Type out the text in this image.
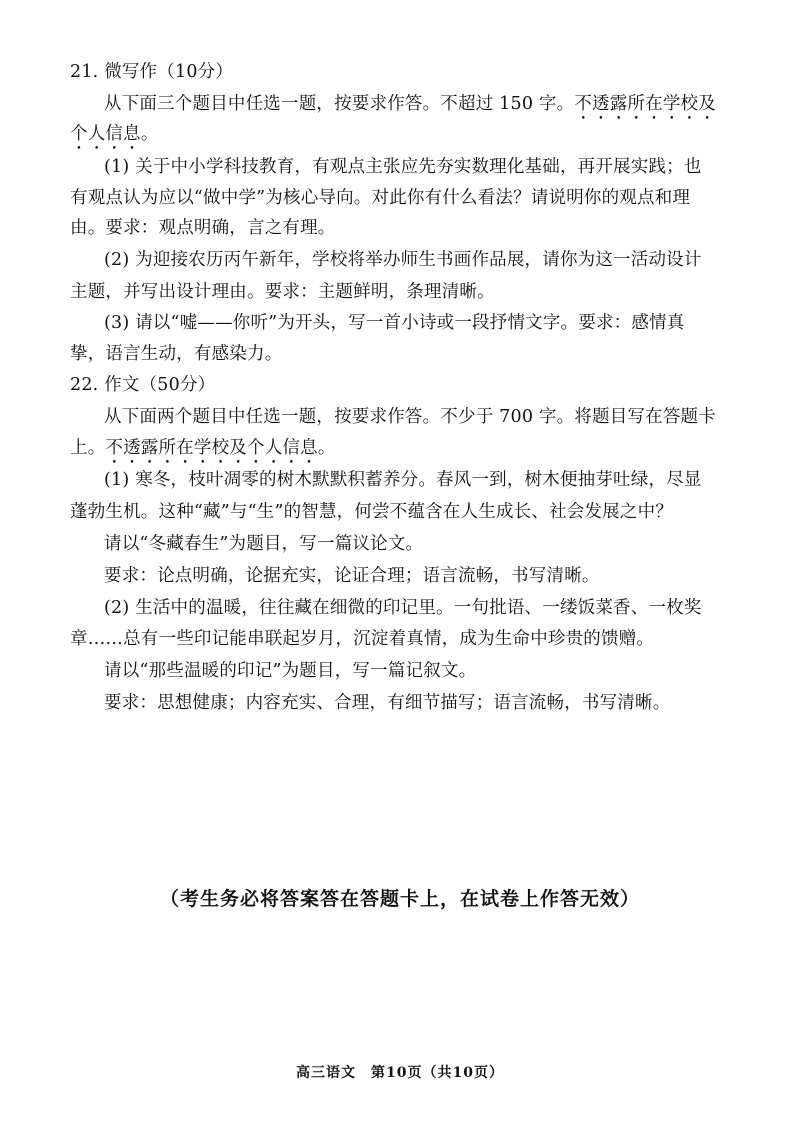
21. 微写作（10分）
从下面三个题目中任选一题，按要求作答。不超过 150 字。不透露所在学校及
个人信息。
(1) 关于中小学科技教育，有观点主张应先夯实数理化基础，再开展实践；也
有观点认为应以“做中学”为核心导向。对此你有什么看法？请说明你的观点和理
由。要求：观点明确，言之有理。
(2) 为迎接农历丙午新年，学校将举办师生书画作品展，请你为这一活动设计
主题，并写出设计理由。要求：主题鲜明，条理清晰。
(3) 请以“嘘——你听”为开头，写一首小诗或一段抒情文字。要求：感情真
挚，语言生动，有感染力。
22. 作文（50分）
从下面两个题目中任选一题，按要求作答。不少于 700 字。将题目写在答题卡
上。不透露所在学校及个人信息。
(1) 寒冬，枝叶凋零的树木默默积蓄养分。春风一到，树木便抽芽吐绿，尽显
蓬勃生机。这种“藏”与“生”的智慧，何尝不蕴含在人生成长、社会发展之中？
请以“冬藏春生”为题目，写一篇议论文。
要求：论点明确，论据充实，论证合理；语言流畅，书写清晰。
(2) 生活中的温暖，往往藏在细微的印记里。一句批语、一缕饭菜香、一枚奖
章……总有一些印记能串联起岁月，沉淀着真情，成为生命中珍贵的馈赠。
请以“那些温暖的印记”为题目，写一篇记叙文。
要求：思想健康；内容充实、合理，有细节描写；语言流畅，书写清晰。
（考生务必将答案答在答题卡上，在试卷上作答无效）
高三语文　第10页（共10页）
